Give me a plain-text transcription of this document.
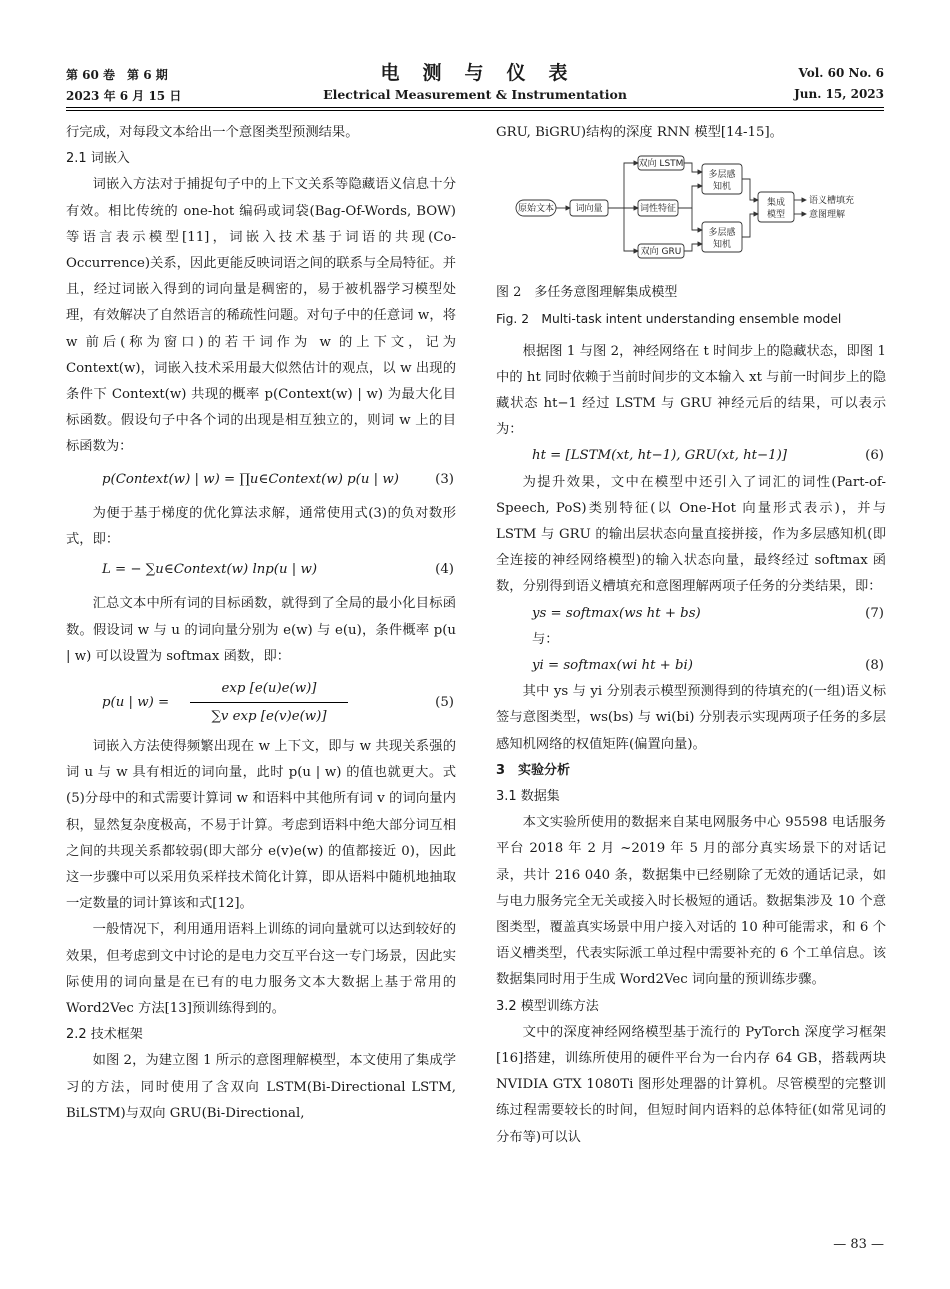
第 60 卷　第 6 期
2023 年 6 月 15 日
电　测　与　仪　表
Electrical Measurement & Instrumentation
Vol. 60 No. 6
Jun. 15, 2023

行完成，对每段文本给出一个意图类型预测结果。

2.1 词嵌入

词嵌入方法对于捕捉句子中的上下文关系等隐藏语义信息十分有效。相比传统的 one-hot 编码或词袋(Bag-Of-Words, BOW)等语言表示模型[11]，词嵌入技术基于词语的共现(Co-Occurrence)关系，因此更能反映词语之间的联系与全局特征。并且，经过词嵌入得到的词向量是稠密的，易于被机器学习模型处理，有效解决了自然语言的稀疏性问题。对句子中的任意词 w，将 w 前后(称为窗口)的若干词作为 w 的上下文，记为 Context(w)，词嵌入技术采用最大似然估计的观点，以 w 出现的条件下 Context(w) 共现的概率 p(Context(w) | w) 为最大化目标函数。假设句子中各个词的出现是相互独立的，则词 w 上的目标函数为：

p(Context(w) | w) = ∏u∈Context(w) p(u | w)	(3)

为便于基于梯度的优化算法求解，通常使用式(3)的负对数形式，即：

L = − ∑u∈Context(w) lnp(u | w)	(4)

汇总文本中所有词的目标函数，就得到了全局的最小化目标函数。假设词 w 与 u 的词向量分别为 e(w) 与 e(u)，条件概率 p(u | w) 可以设置为 softmax 函数，即：

p(u | w) =
exp [e(u)e(w)]
∑v exp [e(v)e(w)]
(5)

词嵌入方法使得频繁出现在 w 上下文，即与 w 共现关系强的词 u 与 w 具有相近的词向量，此时 p(u | w) 的值也就更大。式(5)分母中的和式需要计算词 w 和语料中其他所有词 v 的词向量内积，显然复杂度极高，不易于计算。考虑到语料中绝大部分词互相之间的共现关系都较弱(即大部分 e(v)e(w) 的值都接近 0)，因此这一步骤中可以采用负采样技术简化计算，即从语料中随机地抽取一定数量的词计算该和式[12]。

一般情况下，利用通用语料上训练的词向量就可以达到较好的效果，但考虑到文中讨论的是电力交互平台这一专门场景，因此实际使用的词向量是在已有的电力服务文本大数据上基于常用的 Word2Vec 方法[13]预训练得到的。

2.2 技术框架

如图 2，为建立图 1 所示的意图理解模型，本文使用了集成学习的方法，同时使用了含双向 LSTM(Bi-Directional LSTM, BiLSTM)与双向 GRU(Bi-Directional,

GRU, BiGRU)结构的深度 RNN 模型[14-15]。

原始文本 词向量
双向 LSTM
词性特征
双向 GRU
多层感
知机
多层感
知机
集成
模型
语义槽填充
意图理解

图 2　多任务意图理解集成模型

Fig. 2　Multi-task intent understanding ensemble model

根据图 1 与图 2，神经网络在 t 时间步上的隐藏状态，即图 1 中的 ht 同时依赖于当前时间步的文本输入 xt 与前一时间步上的隐藏状态 ht−1 经过 LSTM 与 GRU 神经元后的结果，可以表示为：

ht = [LSTM(xt, ht−1), GRU(xt, ht−1)]	(6)

为提升效果，文中在模型中还引入了词汇的词性(Part-of-Speech, PoS)类别特征(以 One-Hot 向量形式表示)，并与 LSTM 与 GRU 的输出层状态向量直接拼接，作为多层感知机(即全连接的神经网络模型)的输入状态向量，最终经过 softmax 函数，分别得到语义槽填充和意图理解两项子任务的分类结果，即：

ys = softmax(ws ht + bs)	(7)
与：
yi = softmax(wi ht + bi)	(8)

其中 ys 与 yi 分别表示模型预测得到的待填充的(一组)语义标签与意图类型，ws(bs) 与 wi(bi) 分别表示实现两项子任务的多层感知机网络的权值矩阵(偏置向量)。

3　实验分析

3.1 数据集

本文实验所使用的数据来自某电网服务中心 95598 电话服务平台 2018 年 2 月 ~2019 年 5 月的部分真实场景下的对话记录，共计 216 040 条，数据集中已经剔除了无效的通话记录，如与电力服务完全无关或接入时长极短的通话。数据集涉及 10 个意图类型，覆盖真实场景中用户接入对话的 10 种可能需求，和 6 个语义槽类型，代表实际派工单过程中需要补充的 6 个工单信息。该数据集同时用于生成 Word2Vec 词向量的预训练步骤。

3.2 模型训练方法

文中的深度神经网络模型基于流行的 PyTorch 深度学习框架[16]搭建，训练所使用的硬件平台为一台内存 64 GB，搭载两块 NVIDIA GTX 1080Ti 图形处理器的计算机。尽管模型的完整训练过程需要较长的时间，但短时间内语料的总体特征(如常见词的分布等)可以认

— 83 —
